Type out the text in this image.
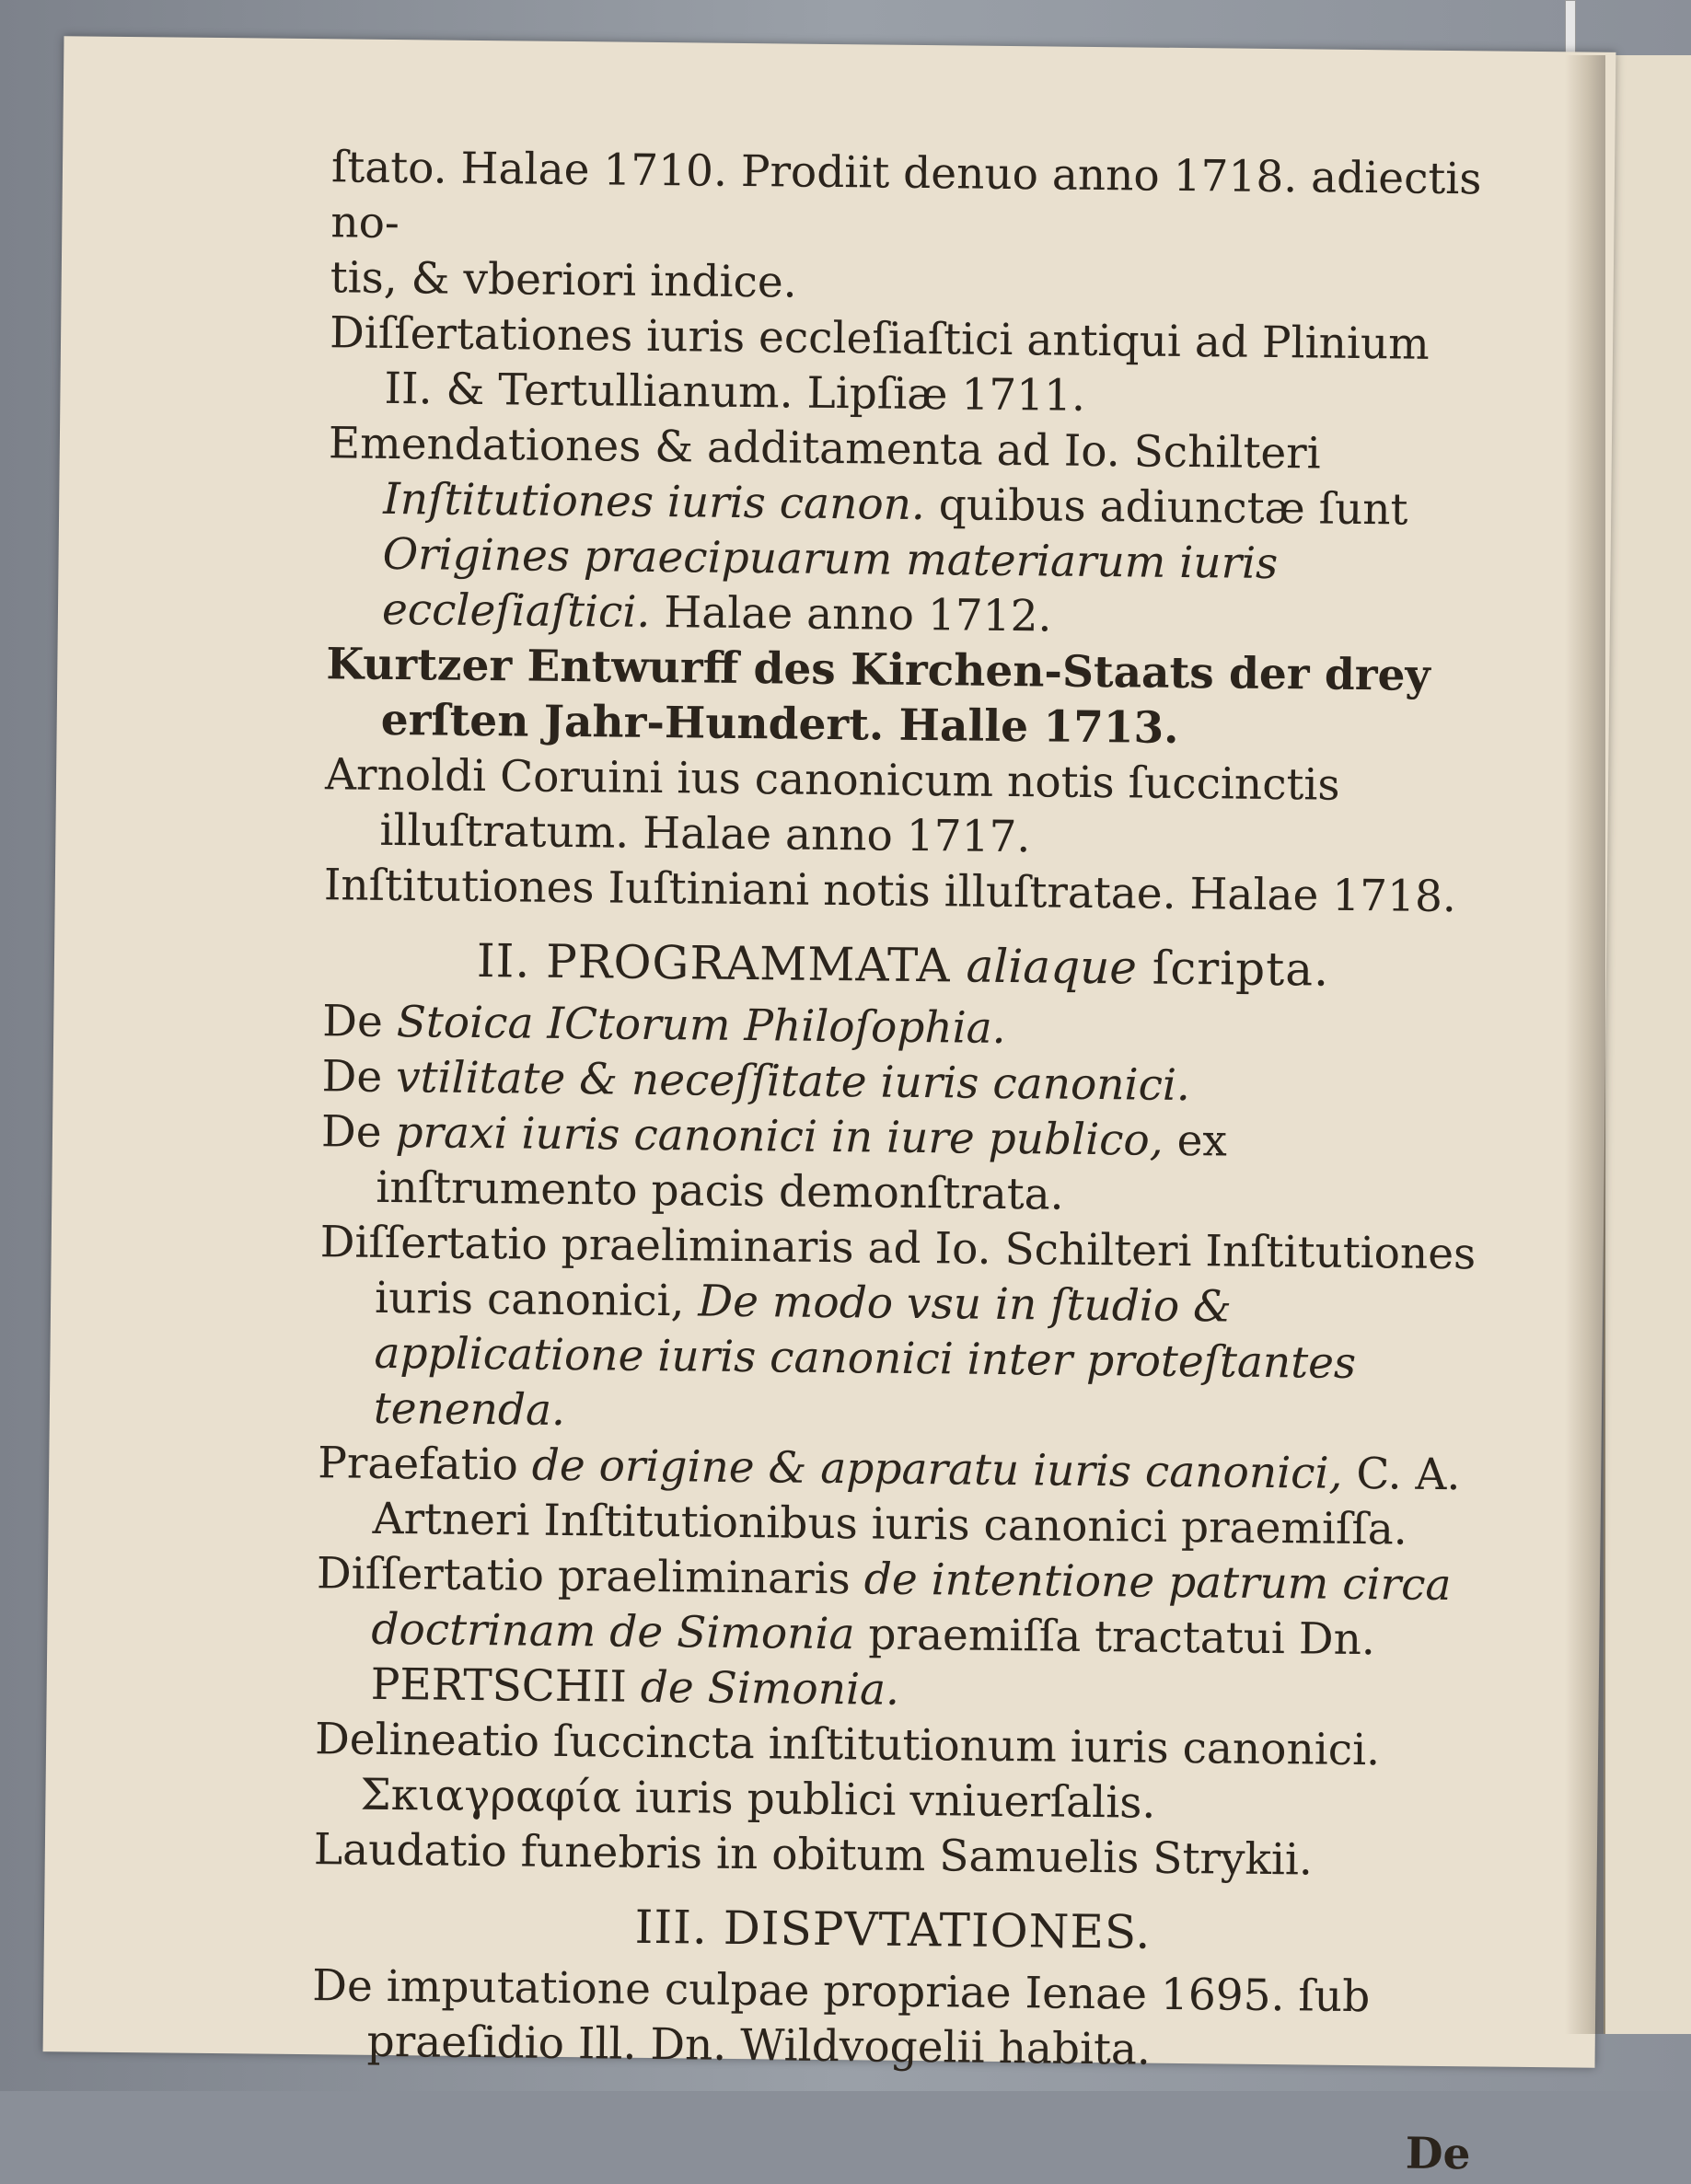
ſtato. Halae 1710. Prodiit denuo anno 1718. adiectis no-
tis, & vberiori indice.

Diſſertationes iuris eccleſiaſtici antiqui ad Plinium II. & Tertullianum. Lipſiæ 1711.

Emendationes & additamenta ad Io. Schilteri Inſtitutiones iuris canon. quibus adiunctæ ſunt Origines praecipuarum materiarum iuris eccleſiaſtici. Halae anno 1712.

Kurtzer Entwurff des Kirchen-Staats der drey erſten Jahr-Hundert. Halle 1713.

Arnoldi Coruini ius canonicum notis ſuccinctis illuſtratum. Halae anno 1717.

Inſtitutiones Iuſtiniani notis illuſtratae. Halae 1718.

II. PROGRAMMATA aliaque ſcripta.

De Stoica ICtorum Philoſophia.

De vtilitate & neceſſitate iuris canonici.

De praxi iuris canonici in iure publico, ex inſtrumento pacis demonſtrata.

Diſſertatio praeliminaris ad Io. Schilteri Inſtitutiones iuris canonici, De modo vsu in ſtudio & applicatione iuris canonici inter proteſtantes tenenda.

Praefatio de origine & apparatu iuris canonici, C. A. Artneri Inſtitutionibus iuris canonici praemiſſa.

Diſſertatio praeliminaris de intentione patrum circa doctrinam de Simonia praemiſſa tractatui Dn. PERTSCHII de Simonia.

Delineatio ſuccincta inſtitutionum iuris canonici.

Σκιαγραφία iuris publici vniuerſalis.

Laudatio funebris in obitum Samuelis Strykii.

III. DISPVTATIONES.

De imputatione culpae propriae Ienae 1695. ſub praeſidio Ill. Dn. Wildvogelii habita.

De
